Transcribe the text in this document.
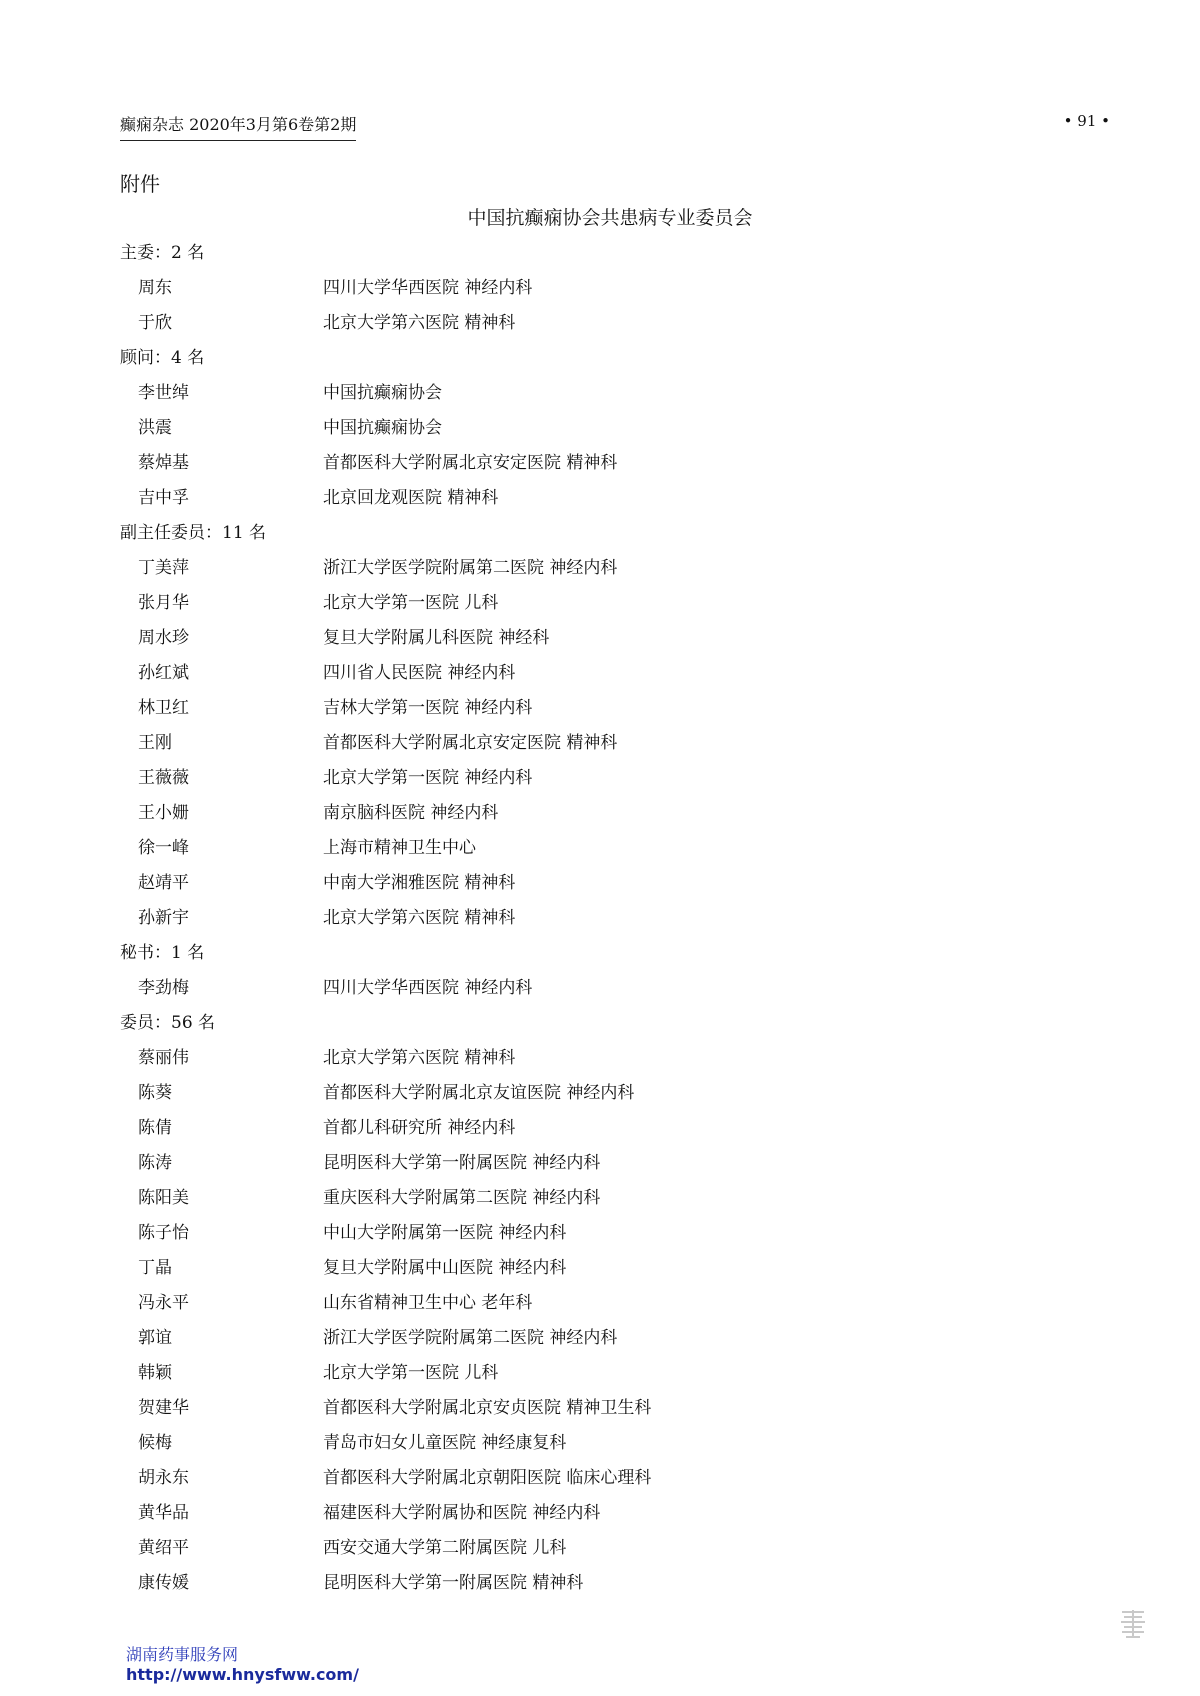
癫痫杂志 2020年3月第6卷第2期	• 91 •
附件
中国抗癫痫协会共患病专业委员会
主委：2 名
周东	四川大学华西医院 神经内科
于欣	北京大学第六医院 精神科
顾问：4 名
李世绰	中国抗癫痫协会
洪震	中国抗癫痫协会
蔡焯基	首都医科大学附属北京安定医院 精神科
吉中孚	北京回龙观医院 精神科
副主任委员：11 名
丁美萍	浙江大学医学院附属第二医院 神经内科
张月华	北京大学第一医院 儿科
周水珍	复旦大学附属儿科医院 神经科
孙红斌	四川省人民医院 神经内科
林卫红	吉林大学第一医院 神经内科
王刚	首都医科大学附属北京安定医院 精神科
王薇薇	北京大学第一医院 神经内科
王小姗	南京脑科医院 神经内科
徐一峰	上海市精神卫生中心
赵靖平	中南大学湘雅医院 精神科
孙新宇	北京大学第六医院 精神科
秘书：1 名
李劲梅	四川大学华西医院 神经内科
委员：56 名
蔡丽伟	北京大学第六医院 精神科
陈葵	首都医科大学附属北京友谊医院 神经内科
陈倩	首都儿科研究所 神经内科
陈涛	昆明医科大学第一附属医院 神经内科
陈阳美	重庆医科大学附属第二医院 神经内科
陈子怡	中山大学附属第一医院 神经内科
丁晶	复旦大学附属中山医院 神经内科
冯永平	山东省精神卫生中心 老年科
郭谊	浙江大学医学院附属第二医院 神经内科
韩颖	北京大学第一医院 儿科
贺建华	首都医科大学附属北京安贞医院 精神卫生科
候梅	青岛市妇女儿童医院 神经康复科
胡永东	首都医科大学附属北京朝阳医院 临床心理科
黄华品	福建医科大学附属协和医院 神经内科
黄绍平	西安交通大学第二附属医院 儿科
康传媛	昆明医科大学第一附属医院 精神科
湖南药事服务网
http://www.hnysfww.com/
